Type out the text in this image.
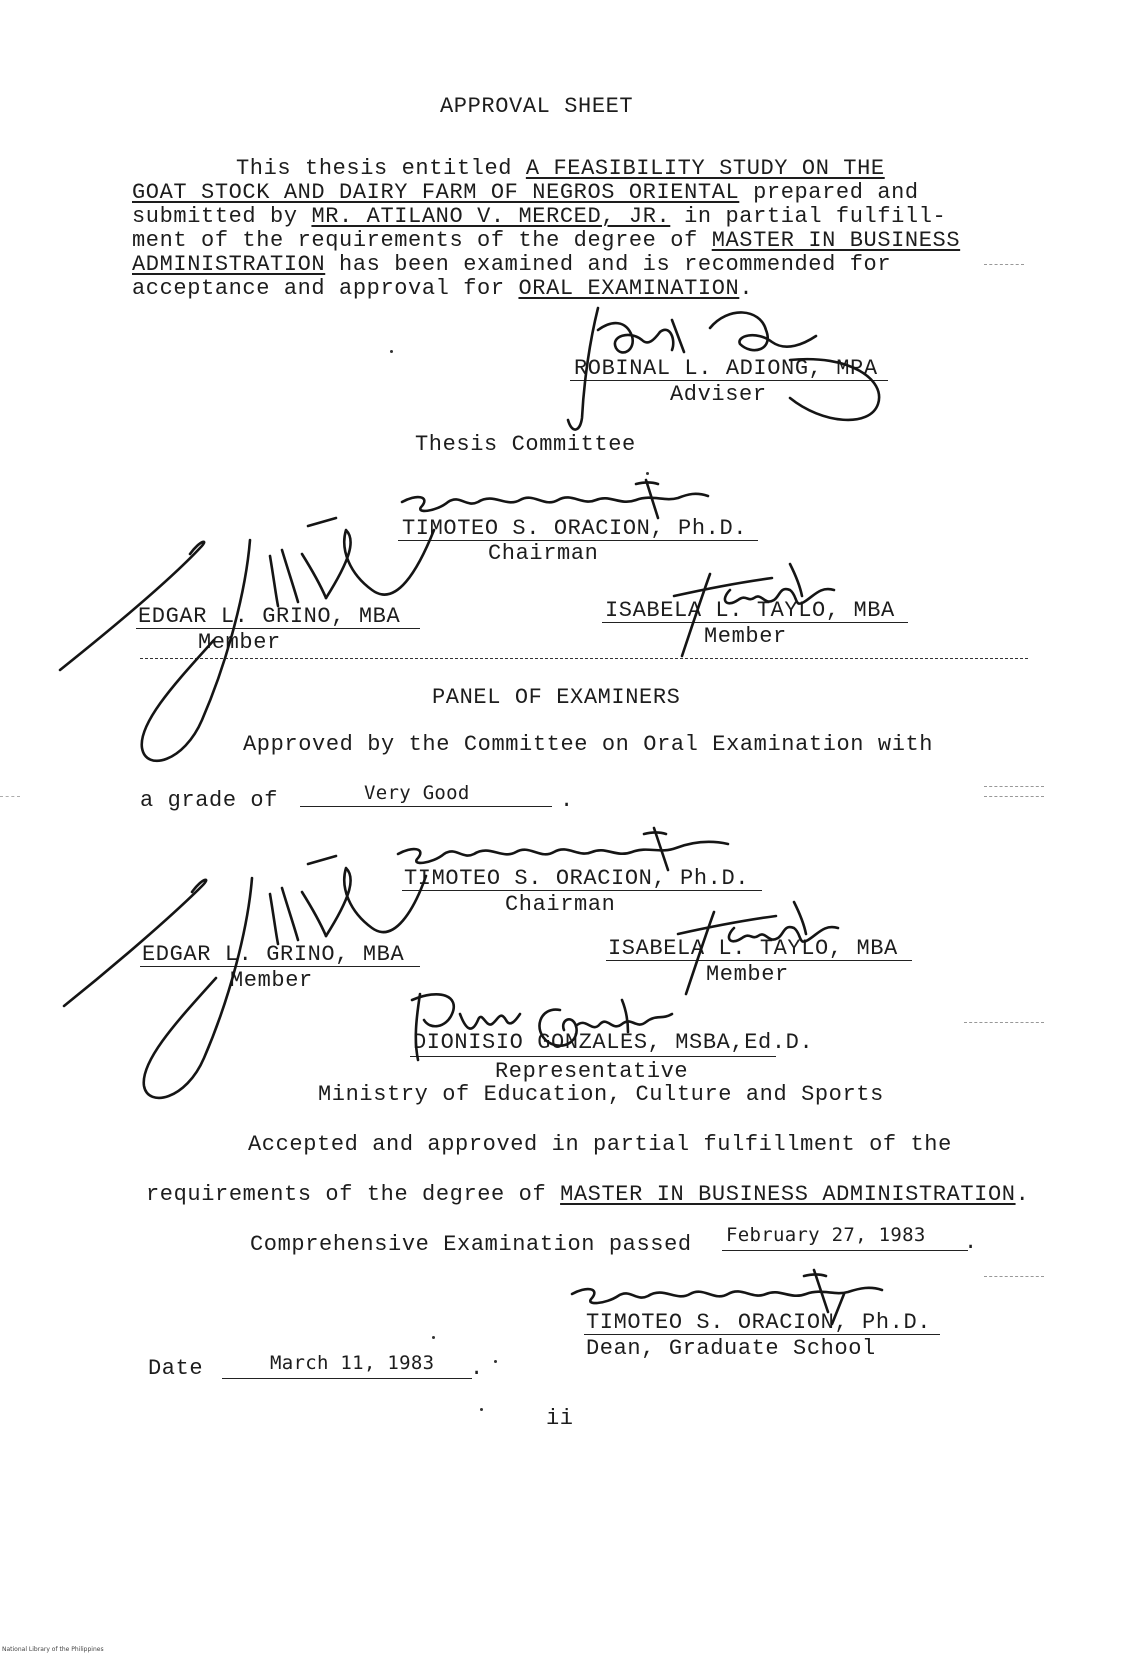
APPROVAL SHEET
This thesis entitled A FEASIBILITY STUDY ON THE
GOAT STOCK AND DAIRY FARM OF NEGROS ORIENTAL prepared and
submitted by MR. ATILANO V. MERCED, JR. in partial fulfill-
ment of the requirements of the degree of MASTER IN BUSINESS
ADMINISTRATION has been examined and is recommended for
acceptance and approval for ORAL EXAMINATION.
ROBINAL L. ADIONG, MPA
Adviser
Thesis Committee
TIMOTEO S. ORACION, Ph.D.
Chairman
EDGAR L. GRINO, MBA
Member
ISABELA L. TAYLO, MBA
Member
PANEL OF EXAMINERS
Approved by the Committee on Oral Examination with
a grade of	Very Good	.
TIMOTEO S. ORACION, Ph.D.
Chairman
EDGAR L. GRINO, MBA
Member
ISABELA L. TAYLO, MBA
Member
DIONISIO GONZALES, MSBA,Ed.D.
Representative
Ministry of Education, Culture and Sports
Accepted and approved in partial fulfillment of the
requirements of the degree of MASTER IN BUSINESS ADMINISTRATION.
Comprehensive Examination passed February 27, 1983 .
TIMOTEO S. ORACION, Ph.D.
Dean, Graduate School
Date	March 11, 1983 .
ii
National Library of the Philippines
